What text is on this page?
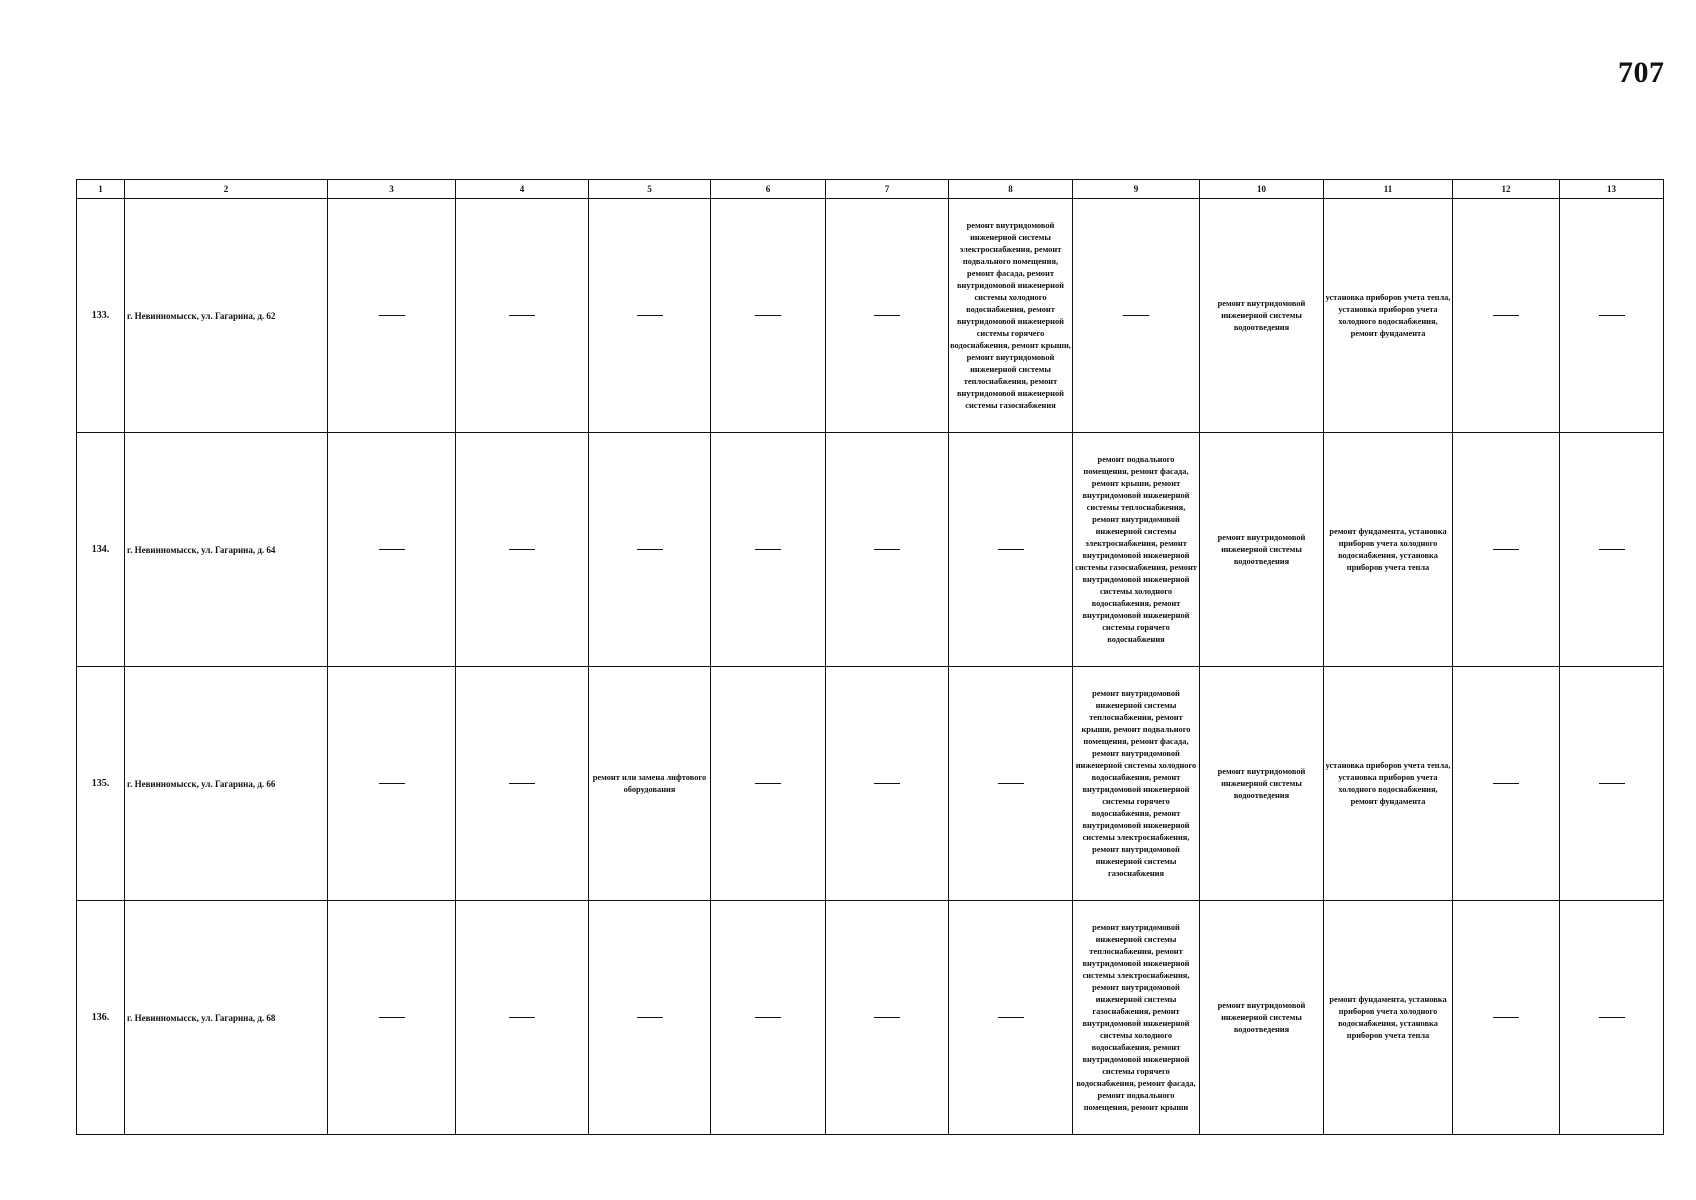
707
1	2	3	4	5	6	7	8	9	10	11	12	13
133.	г. Невинномысск, ул. Гагарина, д. 62						ремонт внутридомовой инженерной системы электроснабжения, ремонт подвального помещения, ремонт фасада, ремонт внутридомовой инженерной системы холодного водоснабжения, ремонт внутридомовой инженерной системы горячего водоснабжения, ремонт крыши, ремонт внутридомовой инженерной системы теплоснабжения, ремонт внутридомовой инженерной системы газоснабжения		ремонт внутридомовой инженерной системы водоотведения	установка приборов учета тепла, установка приборов учета холодного водоснабжения, ремонт фундамента		
134.	г. Невинномысск, ул. Гагарина, д. 64							ремонт подвального помещения, ремонт фасада, ремонт крыши, ремонт внутридомовой инженерной системы теплоснабжения, ремонт внутридомовой инженерной системы электроснабжения, ремонт внутридомовой инженерной системы газоснабжения, ремонт внутридомовой инженерной системы холодного водоснабжения, ремонт внутридомовой инженерной системы горячего водоснабжения	ремонт внутридомовой инженерной системы водоотведения	ремонт фундамента, установка приборов учета холодного водоснабжения, установка приборов учета тепла		
135.	г. Невинномысск, ул. Гагарина, д. 66			ремонт или замена лифтового оборудования				ремонт внутридомовой инженерной системы теплоснабжения, ремонт крыши, ремонт подвального помещения, ремонт фасада, ремонт внутридомовой инженерной системы холодного водоснабжения, ремонт внутридомовой инженерной системы горячего водоснабжения, ремонт внутридомовой инженерной системы электроснабжения, ремонт внутридомовой инженерной системы газоснабжения	ремонт внутридомовой инженерной системы водоотведения	установка приборов учета тепла, установка приборов учета холодного водоснабжения, ремонт фундамента		
136.	г. Невинномысск, ул. Гагарина, д. 68							ремонт внутридомовой инженерной системы теплоснабжения, ремонт внутридомовой инженерной системы электроснабжения, ремонт внутридомовой инженерной системы газоснабжения, ремонт внутридомовой инженерной системы холодного водоснабжения, ремонт внутридомовой инженерной системы горячего водоснабжения, ремонт фасада, ремонт подвального помещения, ремонт крыши	ремонт внутридомовой инженерной системы водоотведения	ремонт фундамента, установка приборов учета холодного водоснабжения, установка приборов учета тепла		
